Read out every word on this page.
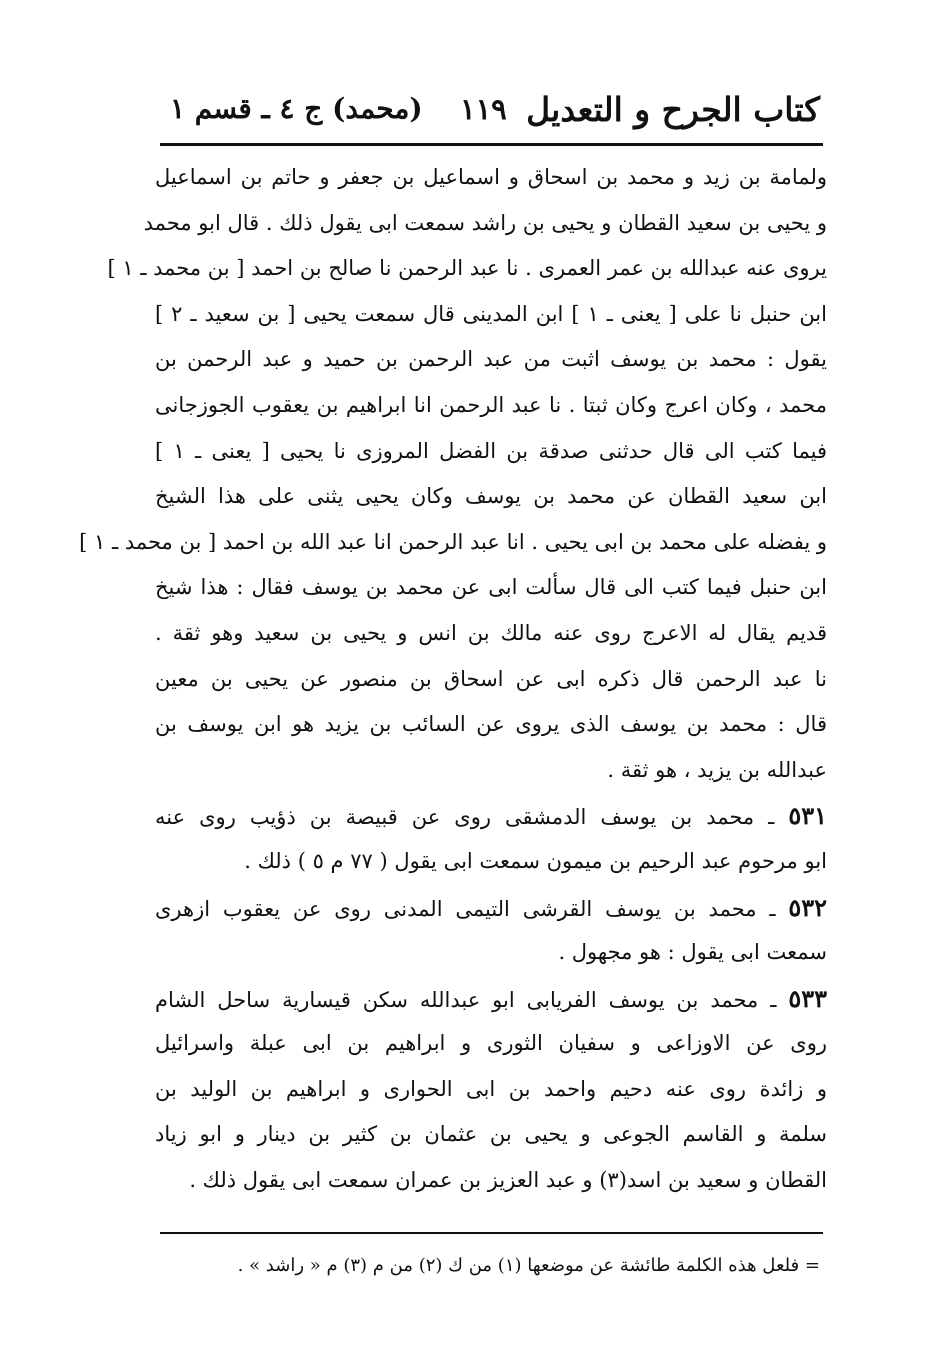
كتاب الجرح و التعديل
١١٩
(محمد) ج ٤ ـ قسم ١
ولمامة بن زيد و محمد بن اسحاق و اسماعيل بن جعفر و حاتم بن اسماعيل
و يحيى بن سعيد القطان و يحيى بن راشد سمعت ابى يقول ذلك . قال ابو محمد
يروى عنه عبدالله بن عمر العمرى . نا عبد الرحمن نا صالح بن احمد [ بن محمد ـ ١ ]
ابن حنبل نا على [ يعنى ـ ١ ] ابن المدينى قال سمعت يحيى [ بن سعيد ـ ٢ ]
يقول : محمد بن يوسف اثبت من عبد الرحمن بن حميد و عبد الرحمن بن
محمد ، وكان اعرج وكان ثبتا . نا عبد الرحمن انا ابراهيم بن يعقوب الجوزجانى
فيما كتب الى قال حدثنى صدقة بن الفضل المروزى نا يحيى [ يعنى ـ ١ ]
ابن سعيد القطان عن محمد بن يوسف وكان يحيى يثنى على هذا الشيخ
و يفضله على محمد بن ابى يحيى . انا عبد الرحمن انا عبد الله بن احمد [ بن محمد ـ ١ ]
ابن حنبل فيما كتب الى قال سألت ابى عن محمد بن يوسف فقال : هذا شيخ
قديم يقال له الاعرج روى عنه مالك بن انس و يحيى بن سعيد وهو ثقة .
نا عبد الرحمن قال ذكره ابى عن اسحاق بن منصور عن يحيى بن معين
قال : محمد بن يوسف الذى يروى عن السائب بن يزيد هو ابن يوسف بن
عبدالله بن يزيد ، هو ثقة .
٥٣١ ـ محمد بن يوسف الدمشقى روى عن قبيصة بن ذؤيب روى عنه
ابو مرحوم عبد الرحيم بن ميمون سمعت ابى يقول ( ٧٧ م ٥ ) ذلك .
٥٣٢ ـ محمد بن يوسف القرشى التيمى المدنى روى عن يعقوب ازهرى
سمعت ابى يقول : هو مجهول .
٥٣٣ ـ محمد بن يوسف الفريابى ابو عبدالله سكن قيسارية ساحل الشام
روى عن الاوزاعى و سفيان الثورى و ابراهيم بن ابى عبلة واسرائيل
و زائدة روى عنه دحيم واحمد بن ابى الحوارى و ابراهيم بن الوليد بن
سلمة و القاسم الجوعى و يحيى بن عثمان بن كثير بن دينار و ابو زياد
القطان و سعيد بن اسد(٣) و عبد العزيز بن عمران سمعت ابى يقول ذلك .
= فلعل هذه الكلمة طائشة عن موضعها (١) من ك (٢) من م (٣) م « راشد » .
